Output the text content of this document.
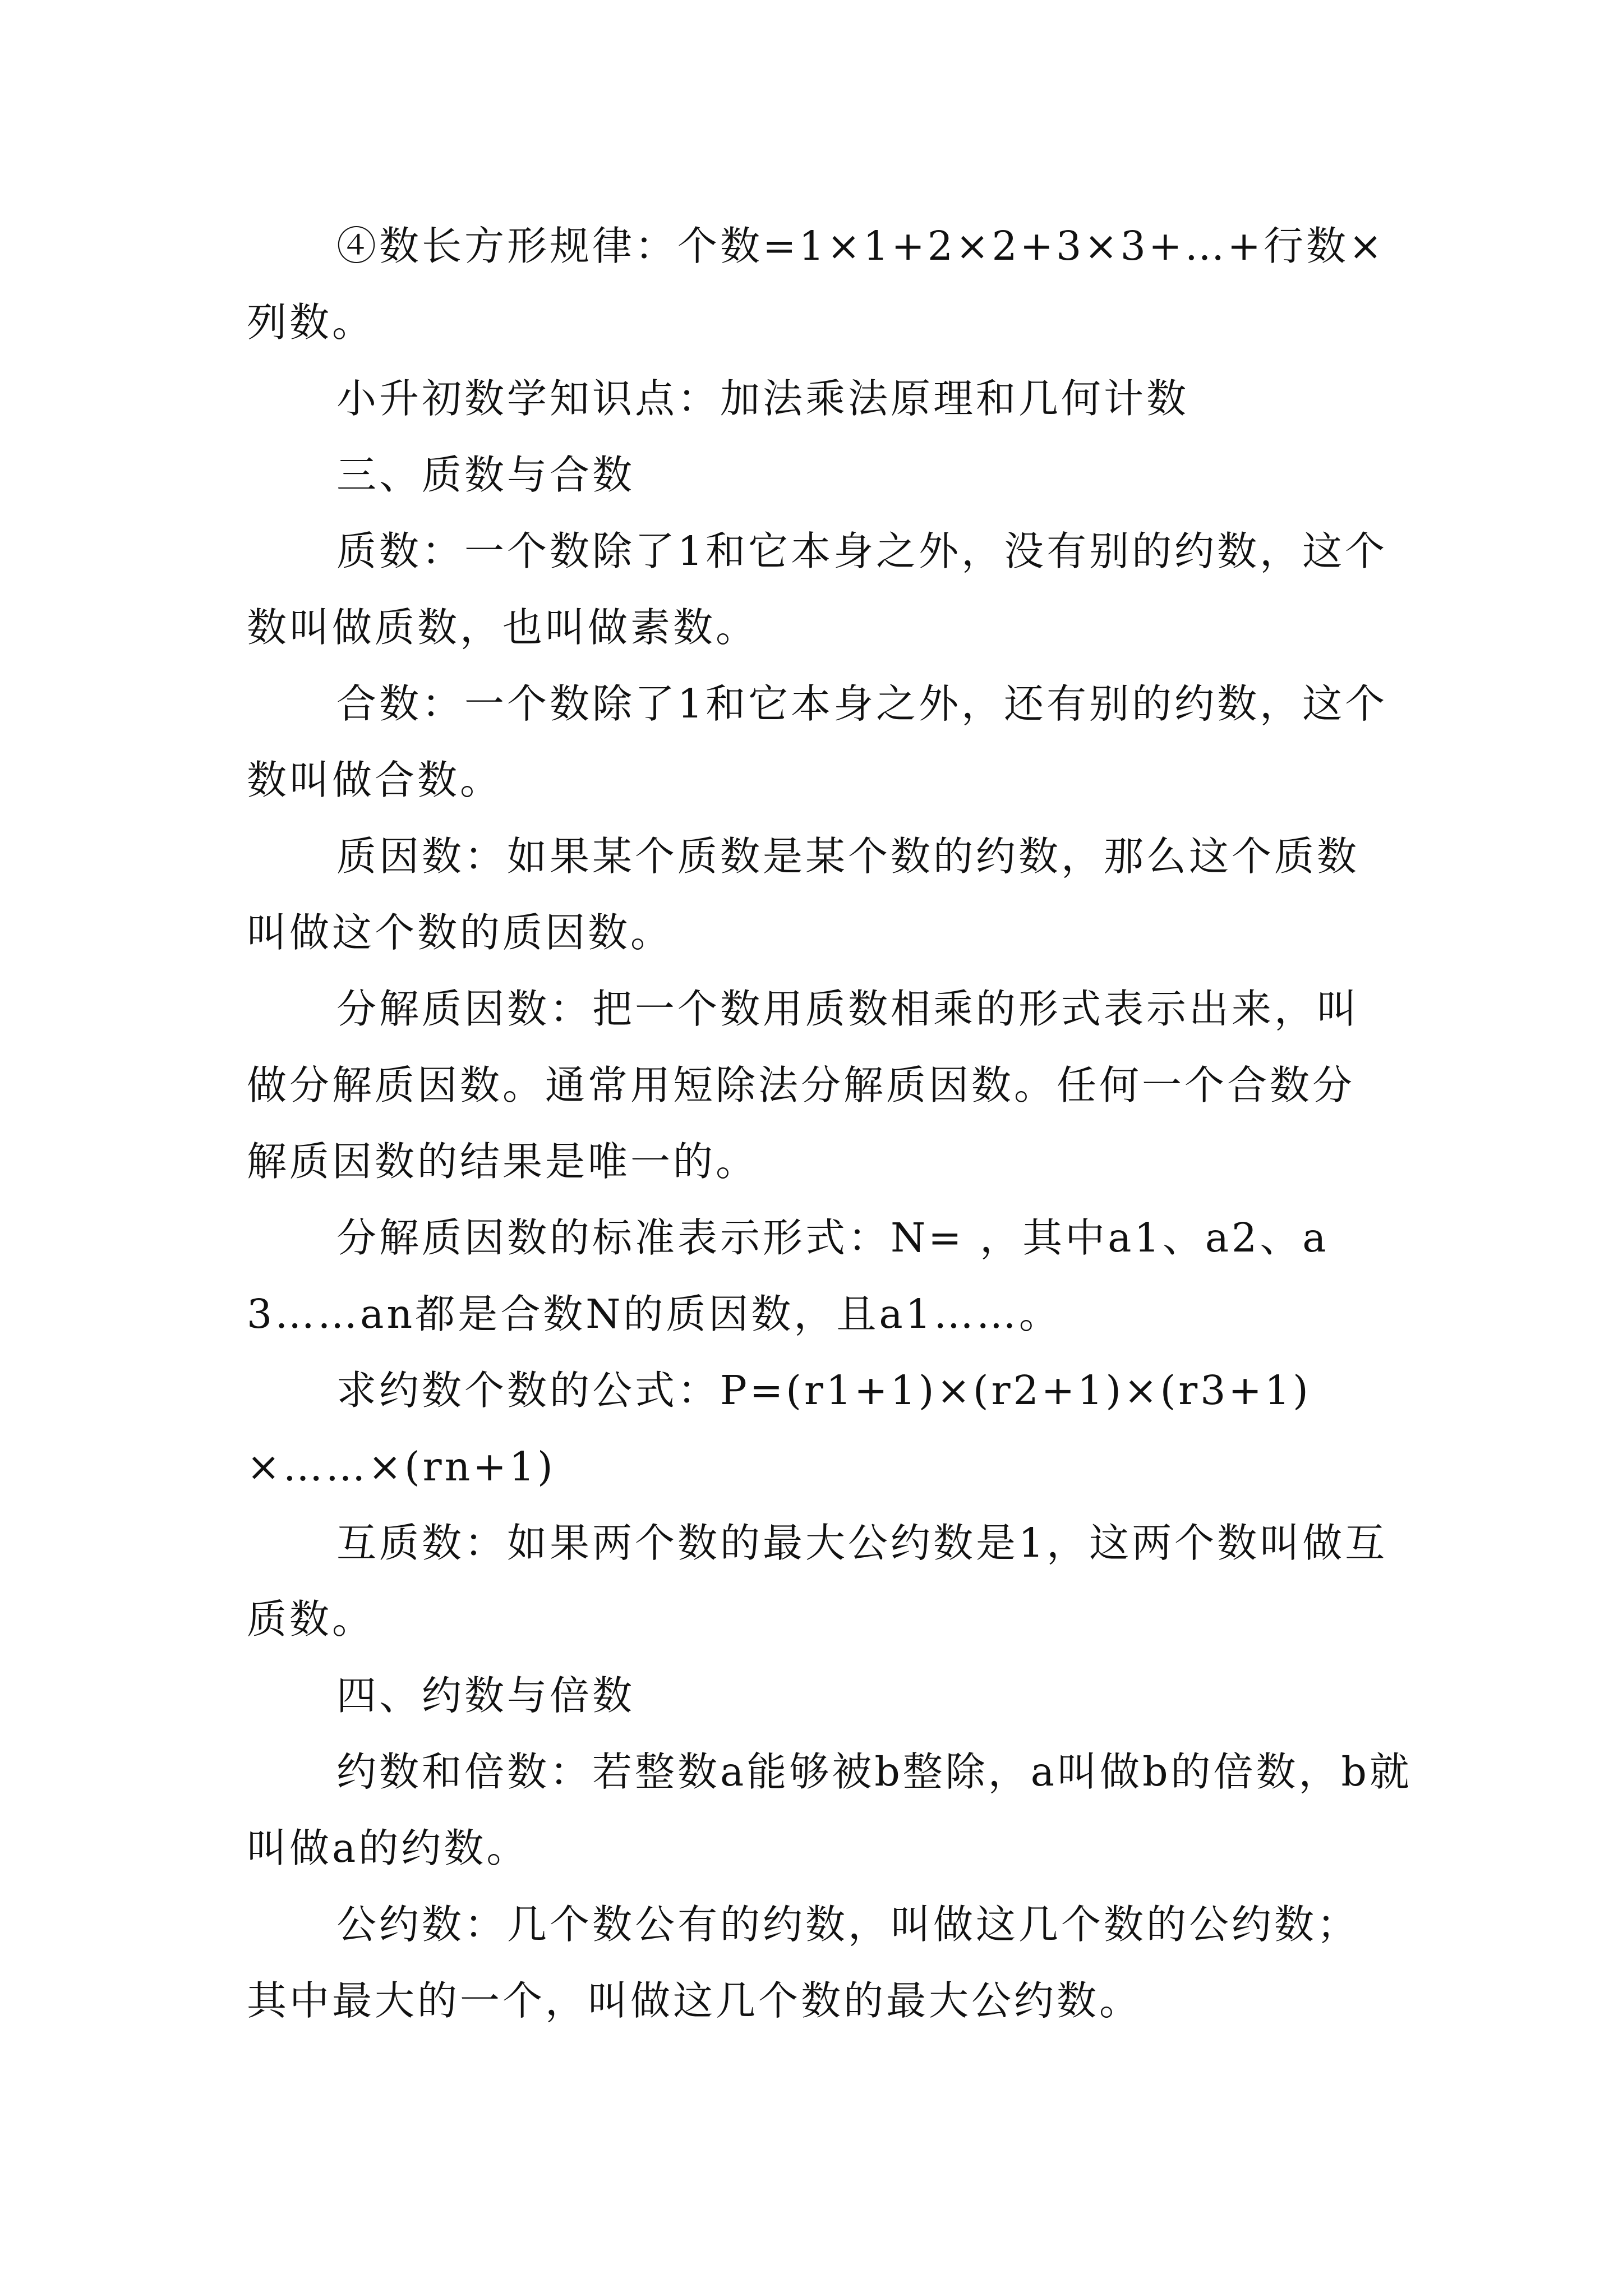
④数长方形规律：个数=1×1+2×2+3×3+…+行数×列数。

小升初数学知识点：加法乘法原理和几何计数

三、质数与合数

质数：一个数除了1和它本身之外，没有别的约数，这个数叫做质数，也叫做素数。

合数：一个数除了1和它本身之外，还有别的约数，这个数叫做合数。

质因数：如果某个质数是某个数的约数，那么这个质数叫做这个数的质因数。

分解质因数：把一个数用质数相乘的形式表示出来，叫做分解质因数。通常用短除法分解质因数。任何一个合数分解质因数的结果是唯一的。

分解质因数的标准表示形式：N= ，其中a1、a2、a3……an都是合数N的质因数，且a1……。

求约数个数的公式：P=(r1+1)×(r2+1)×(r3+1)×……×(rn+1)

互质数：如果两个数的最大公约数是1，这两个数叫做互质数。

四、约数与倍数

约数和倍数：若整数a能够被b整除，a叫做b的倍数，b就叫做a的约数。

公约数：几个数公有的约数，叫做这几个数的公约数；其中最大的一个，叫做这几个数的最大公约数。
